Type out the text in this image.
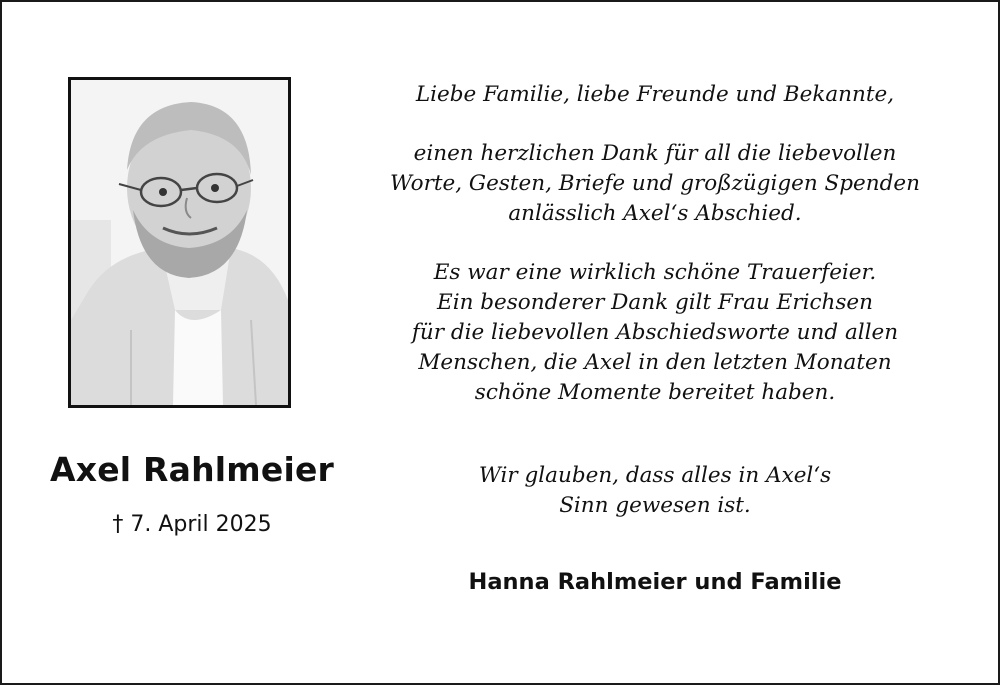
Axel Rahlmeier
† 7. April 2025
Liebe Familie, liebe Freunde und Bekannte,
einen herzlichen Dank für all die liebevollen
Worte, Gesten, Briefe und großzügigen Spenden
anlässlich Axel‘s Abschied.
Es war eine wirklich schöne Trauerfeier.
Ein besonderer Dank gilt Frau Erichsen
für die liebevollen Abschiedsworte und allen
Menschen, die Axel in den letzten Monaten
schöne Momente bereitet haben.
Wir glauben, dass alles in Axel‘s
Sinn gewesen ist.
Hanna Rahlmeier und Familie
